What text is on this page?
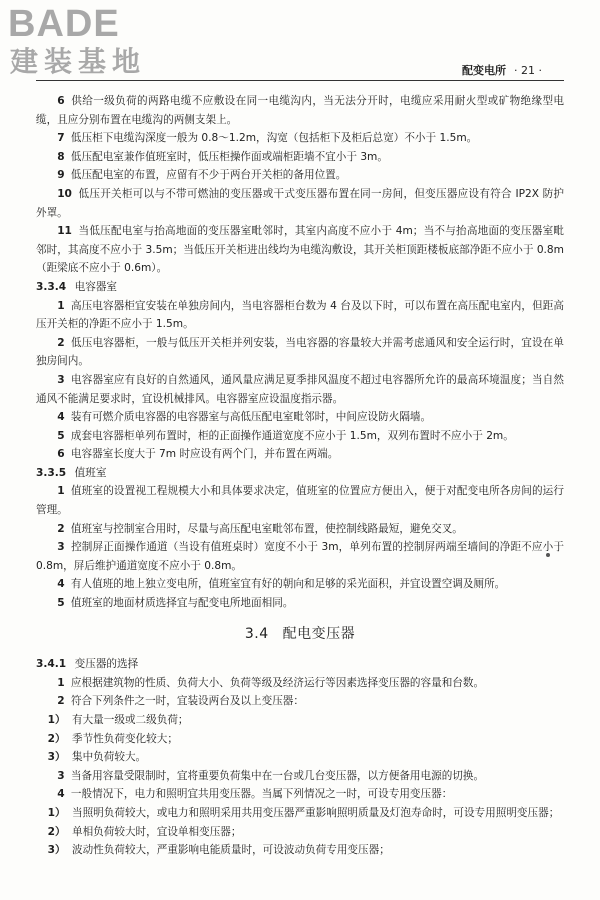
BADE
建装基地	配变电所 · 21 ·

6 供给一级负荷的两路电缆不应敷设在同一电缆沟内，当无法分开时，电缆应采用耐火型或矿物绝缘型电缆，且应分别布置在电缆沟的两侧支架上。

7 低压柜下电缆沟深度一般为 0.8～1.2m，沟宽（包括柜下及柜后总宽）不小于 1.5m。

8 低压配电室兼作值班室时，低压柜操作面或端柜距墙不宜小于 3m。

9 低压配电室的布置，应留有不少于两台开关柜的备用位置。

10 低压开关柜可以与不带可燃油的变压器或干式变压器布置在同一房间，但变压器应设有符合 IP2X 防护外罩。

11 当低压配电室与抬高地面的变压器室毗邻时，其室内高度不应小于 4m；当不与抬高地面的变压器室毗邻时，其高度不应小于 3.5m；当低压开关柜进出线均为电缆沟敷设，其开关柜顶距楼板底部净距不应小于 0.8m（距梁底不应小于 0.6m）。

3.3.4 电容器室

1 高压电容器柜宜安装在单独房间内，当电容器柜台数为 4 台及以下时，可以布置在高压配电室内，但距高压开关柜的净距不应小于 1.5m。

2 低压电容器柜，一般与低压开关柜并列安装，当电容器的容量较大并需考虑通风和安全运行时，宜设在单独房间内。

3 电容器室应有良好的自然通风，通风量应满足夏季排风温度不超过电容器所允许的最高环境温度；当自然通风不能满足要求时，宜设机械排风。电容器室应设温度指示器。

4 装有可燃介质电容器的电容器室与高低压配电室毗邻时，中间应设防火隔墙。

5 成套电容器柜单列布置时，柜的正面操作通道宽度不应小于 1.5m，双列布置时不应小于 2m。

6 电容器室长度大于 7m 时应设有两个门，并布置在两端。

3.3.5 值班室

1 值班室的设置视工程规模大小和具体要求决定，值班室的位置应方便出入，便于对配变电所各房间的运行管理。

2 值班室与控制室合用时，尽量与高压配电室毗邻布置，使控制线路最短，避免交叉。

3 控制屏正面操作通道（当设有值班桌时）宽度不小于 3m，单列布置的控制屏两端至墙间的净距不应小于 0.8m，屏后维护通道宽度不应小于 0.8m。

4 有人值班的地上独立变电所，值班室宜有好的朝向和足够的采光面积，并宜设置空调及厕所。

5 值班室的地面材质选择宜与配变电所地面相同。

3.4 配电变压器

3.4.1 变压器的选择

1 应根据建筑物的性质、负荷大小、负荷等级及经济运行等因素选择变压器的容量和台数。

2 符合下列条件之一时，宜装设两台及以上变压器：

1） 有大量一级或二级负荷；

2） 季节性负荷变化较大；

3） 集中负荷较大。

3 当备用容量受限制时，宜将重要负荷集中在一台或几台变压器，以方便备用电源的切换。

4 一般情况下，电力和照明宜共用变压器。当属下列情况之一时，可设专用变压器：

1） 当照明负荷较大，或电力和照明采用共用变压器严重影响照明质量及灯泡寿命时，可设专用照明变压器；

2） 单相负荷较大时，宜设单相变压器；

3） 波动性负荷较大，严重影响电能质量时，可设波动负荷专用变压器；
